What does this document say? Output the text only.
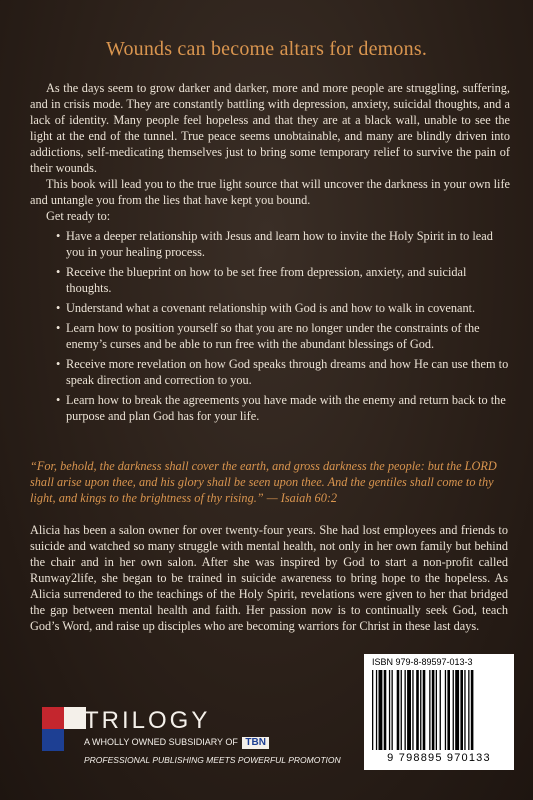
Wounds can become altars for demons.

As the days seem to grow darker and darker, more and more people are struggling, suffering, and in crisis mode. They are constantly battling with depression, anxiety, suicidal thoughts, and a lack of identity. Many people feel hopeless and that they are at a black wall, unable to see the light at the end of the tunnel. True peace seems unobtainable, and many are blindly driven into addictions, self-medicating themselves just to bring some temporary relief to survive the pain of their wounds.

This book will lead you to the true light source that will uncover the darkness in your own life and untangle you from the lies that have kept you bound.

Get ready to:

• Have a deeper relationship with Jesus and learn how to invite the Holy Spirit in to lead you in your healing process.
• Receive the blueprint on how to be set free from depression, anxiety, and suicidal thoughts.
• Understand what a covenant relationship with God is and how to walk in covenant.
• Learn how to position yourself so that you are no longer under the constraints of the enemy’s curses and be able to run free with the abundant blessings of God.
• Receive more revelation on how God speaks through dreams and how He can use them to speak direction and correction to you.
• Learn how to break the agreements you have made with the enemy and return back to the purpose and plan God has for your life.
“For, behold, the darkness shall cover the earth, and gross darkness the people: but the LORD shall arise upon thee, and his glory shall be seen upon thee. And the gentiles shall come to thy light, and kings to the brightness of thy rising.” — Isaiah 60:2
Alicia has been a salon owner for over twenty-four years. She had lost employees and friends to suicide and watched so many struggle with mental health, not only in her own family but behind the chair and in her own salon. After she was inspired by God to start a non-profit called Runway2life, she began to be trained in suicide awareness to bring hope to the hopeless. As Alicia surrendered to the teachings of the Holy Spirit, revelations were given to her that bridged the gap between mental health and faith. Her passion now is to continually seek God, teach God’s Word, and raise up disciples who are becoming warriors for Christ in these last days.
TRILOGY
A WHOLLY OWNED SUBSIDIARY OF TBN
PROFESSIONAL PUBLISHING MEETS POWERFUL PROMOTION
ISBN 979-8-89597-013-3
9 798895 970133
